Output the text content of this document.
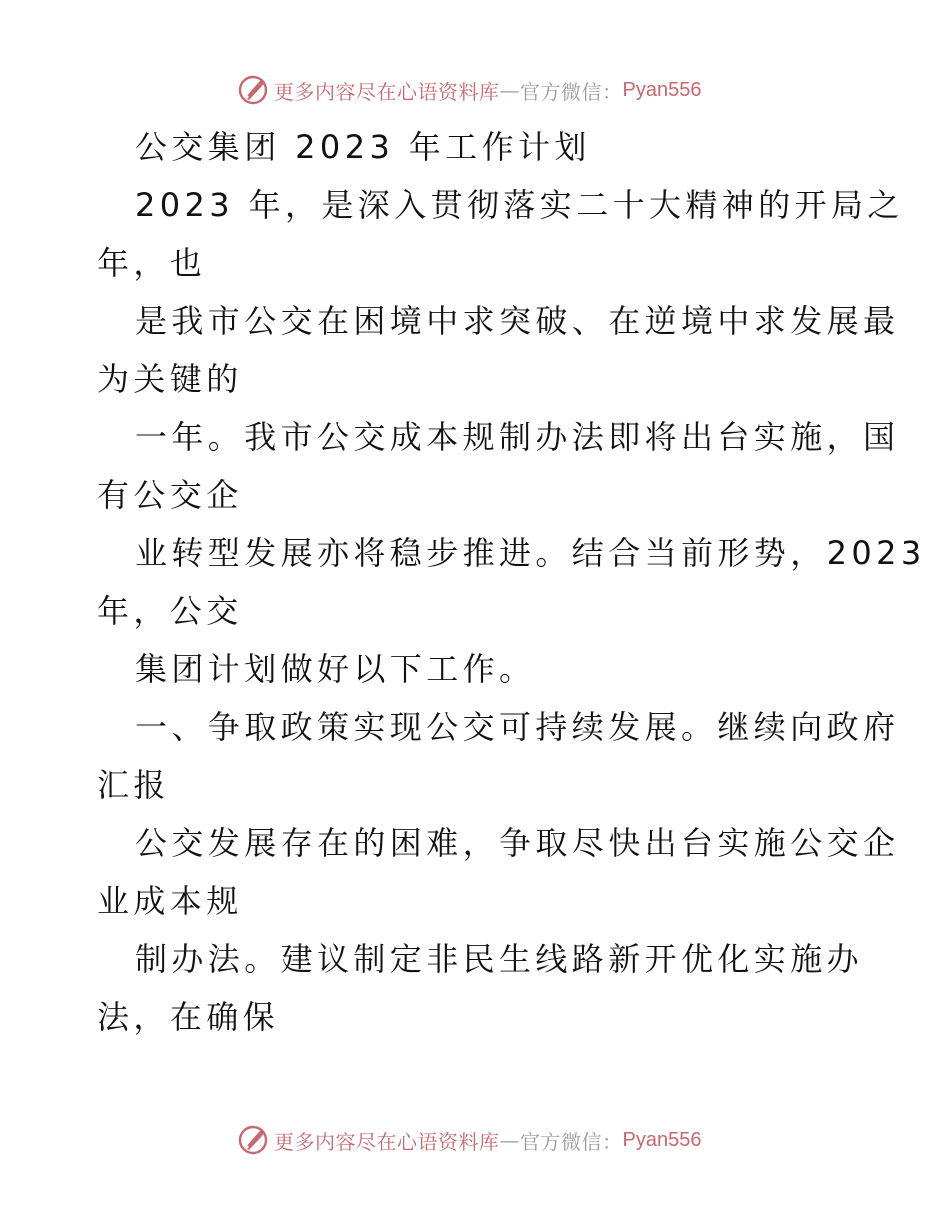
更多内容尽在心语资料库 — 官方微信： Pyan556
公交集团 2023 年工作计划
2023 年，是深入贯彻落实二十大精神的开局之
年，也
是我市公交在困境中求突破、在逆境中求发展最
为关键的
一年。我市公交成本规制办法即将出台实施，国
有公交企
业转型发展亦将稳步推进。结合当前形势，2023
年，公交
集团计划做好以下工作。
一、争取政策实现公交可持续发展。继续向政府
汇报
公交发展存在的困难，争取尽快出台实施公交企
业成本规
制办法。建议制定非民生线路新开优化实施办
法，在确保
更多内容尽在心语资料库 — 官方微信： Pyan556
